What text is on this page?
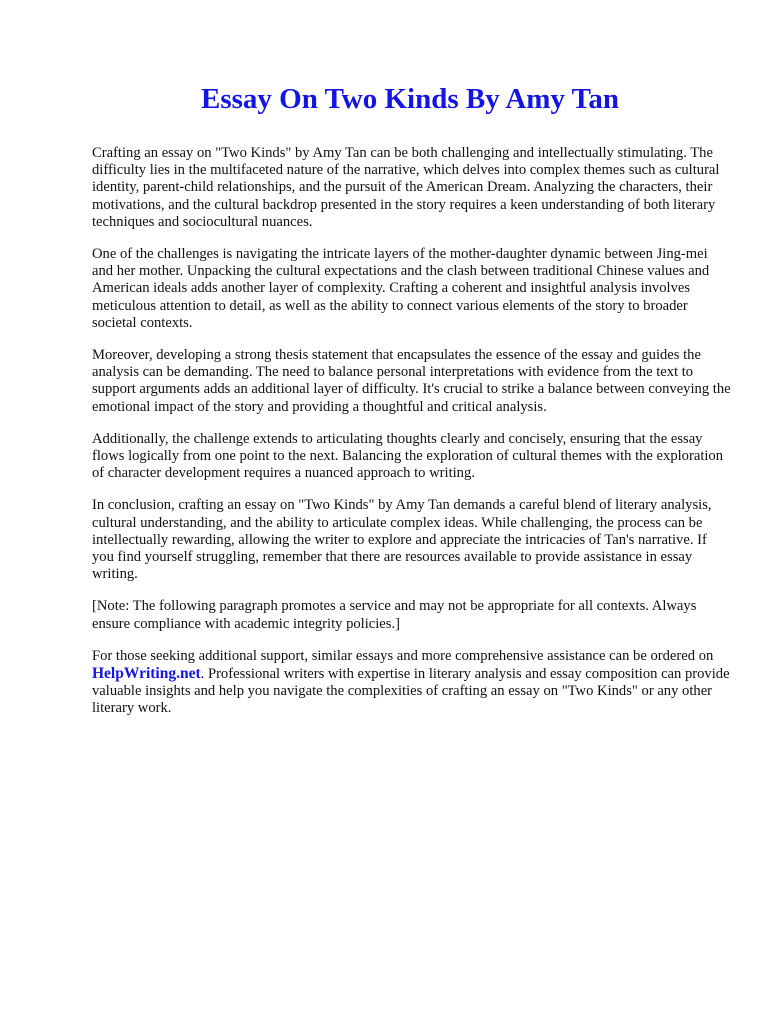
Essay On Two Kinds By Amy Tan

Crafting an essay on "Two Kinds" by Amy Tan can be both challenging and intellectually stimulating. The difficulty lies in the multifaceted nature of the narrative, which delves into complex themes such as cultural identity, parent-child relationships, and the pursuit of the American Dream. Analyzing the characters, their motivations, and the cultural backdrop presented in the story requires a keen understanding of both literary techniques and sociocultural nuances.

One of the challenges is navigating the intricate layers of the mother-daughter dynamic between Jing-mei and her mother. Unpacking the cultural expectations and the clash between traditional Chinese values and American ideals adds another layer of complexity. Crafting a coherent and insightful analysis involves meticulous attention to detail, as well as the ability to connect various elements of the story to broader societal contexts.

Moreover, developing a strong thesis statement that encapsulates the essence of the essay and guides the analysis can be demanding. The need to balance personal interpretations with evidence from the text to support arguments adds an additional layer of difficulty. It's crucial to strike a balance between conveying the emotional impact of the story and providing a thoughtful and critical analysis.

Additionally, the challenge extends to articulating thoughts clearly and concisely, ensuring that the essay flows logically from one point to the next. Balancing the exploration of cultural themes with the exploration of character development requires a nuanced approach to writing.

In conclusion, crafting an essay on "Two Kinds" by Amy Tan demands a careful blend of literary analysis, cultural understanding, and the ability to articulate complex ideas. While challenging, the process can be intellectually rewarding, allowing the writer to explore and appreciate the intricacies of Tan's narrative. If you find yourself struggling, remember that there are resources available to provide assistance in essay writing.

[Note: The following paragraph promotes a service and may not be appropriate for all contexts. Always ensure compliance with academic integrity policies.]

For those seeking additional support, similar essays and more comprehensive assistance can be ordered on HelpWriting.net. Professional writers with expertise in literary analysis and essay composition can provide valuable insights and help you navigate the complexities of crafting an essay on "Two Kinds" or any other literary work.
